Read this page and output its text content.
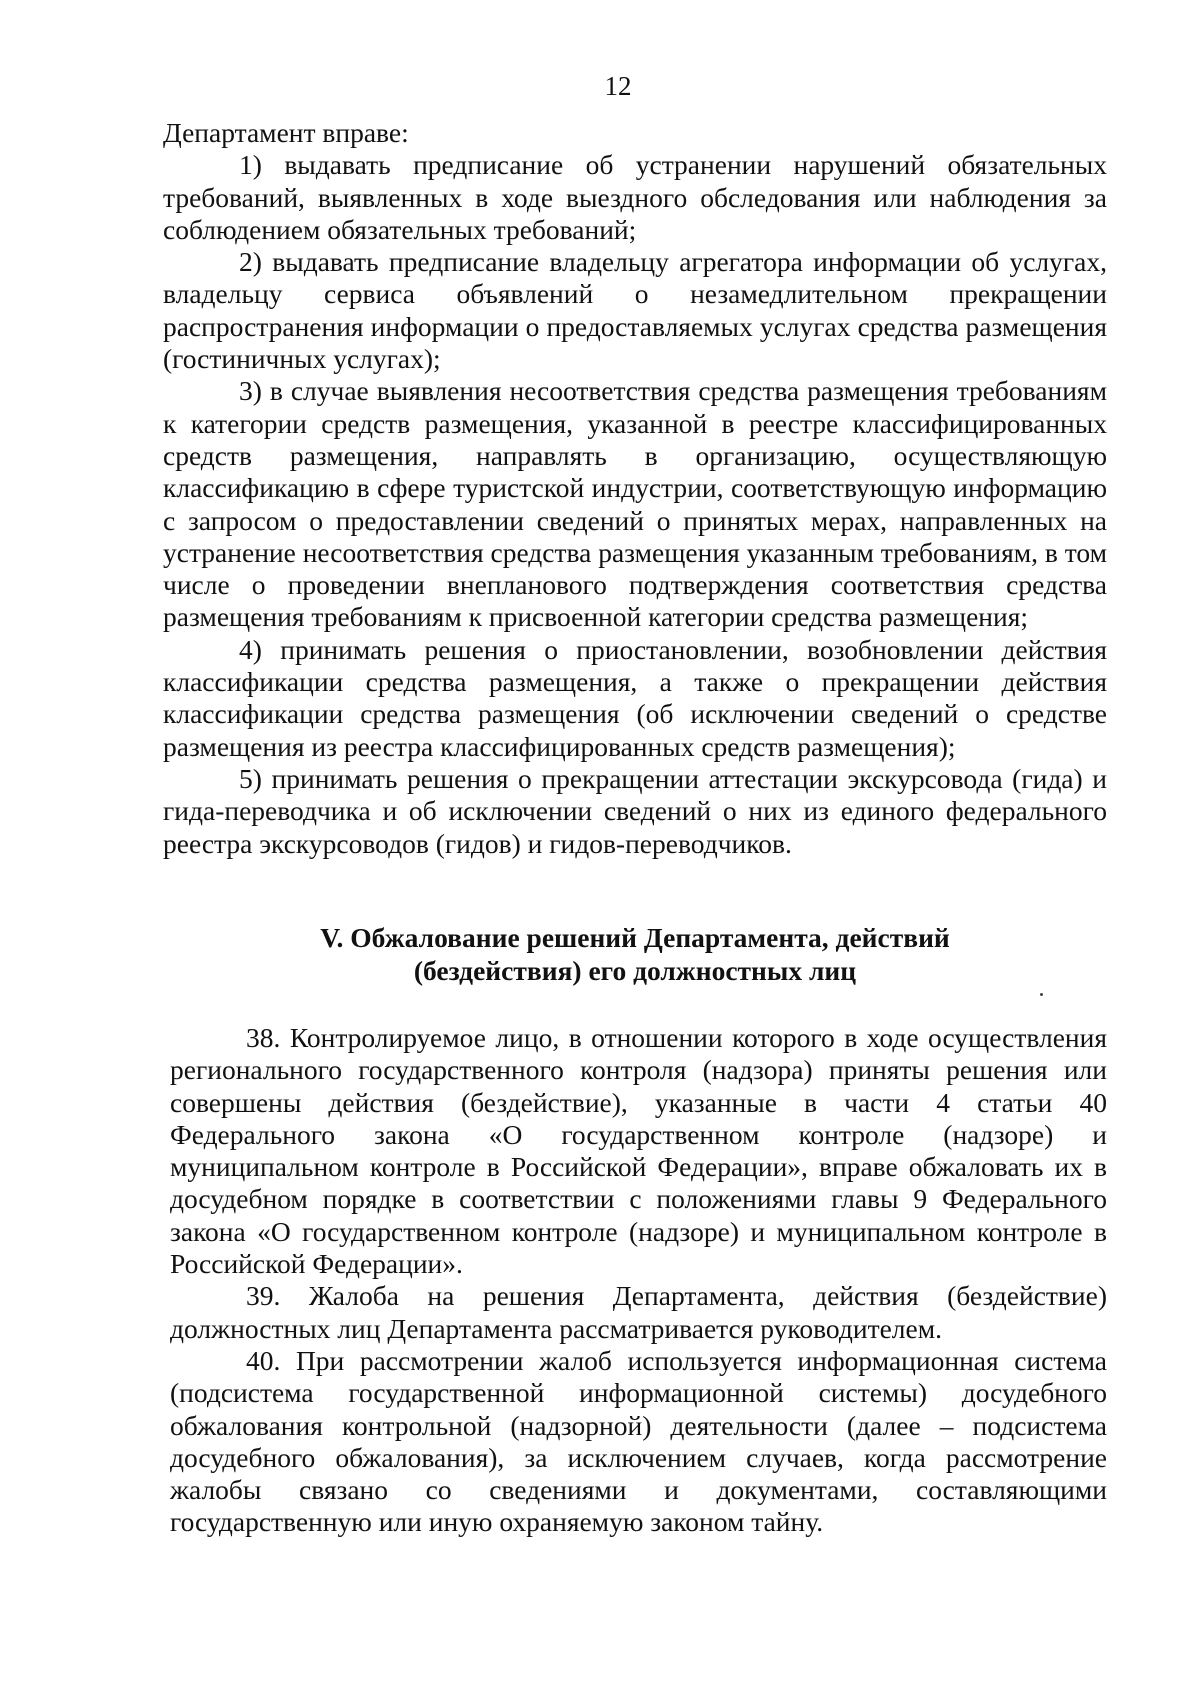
12

Департамент вправе:

1) выдавать предписание об устранении нарушений обязательных требований, выявленных в ходе выездного обследования или наблюдения за соблюдением обязательных требований;

2) выдавать предписание владельцу агрегатора информации об услугах, владельцу сервиса объявлений о незамедлительном прекращении распространения информации о предоставляемых услугах средства размещения (гостиничных услугах);

3) в случае выявления несоответствия средства размещения требованиям к категории средств размещения, указанной в реестре классифицированных средств размещения, направлять в организацию, осуществляющую классификацию в сфере туристской индустрии, соответствующую информацию с запросом о предоставлении сведений о принятых мерах, направленных на устранение несоответствия средства размещения указанным требованиям, в том числе о проведении внепланового подтверждения соответствия средства размещения требованиям к присвоенной категории средства размещения;

4) принимать решения о приостановлении, возобновлении действия классификации средства размещения, а также о прекращении действия классификации средства размещения (об исключении сведений о средстве размещения из реестра классифицированных средств размещения);

5) принимать решения о прекращении аттестации экскурсовода (гида) и гида-переводчика и об исключении сведений о них из единого федерального реестра экскурсоводов (гидов) и гидов-переводчиков.

V. Обжалование решений Департамента, действий
(бездействия) его должностных лиц

38. Контролируемое лицо, в отношении которого в ходе осуществления регионального государственного контроля (надзора) приняты решения или совершены действия (бездействие), указанные в части 4 статьи 40 Федерального закона «О государственном контроле (надзоре) и муниципальном контроле в Российской Федерации», вправе обжаловать их в досудебном порядке в соответствии с положениями главы 9 Федерального закона «О государственном контроле (надзоре) и муниципальном контроле в Российской Федерации».

39. Жалоба на решения Департамента, действия (бездействие) должностных лиц Департамента рассматривается руководителем.

40. При рассмотрении жалоб используется информационная система (подсистема государственной информационной системы) досудебного обжалования контрольной (надзорной) деятельности (далее – подсистема досудебного обжалования), за исключением случаев, когда рассмотрение жалобы связано со сведениями и документами, составляющими государственную или иную охраняемую законом тайну.
